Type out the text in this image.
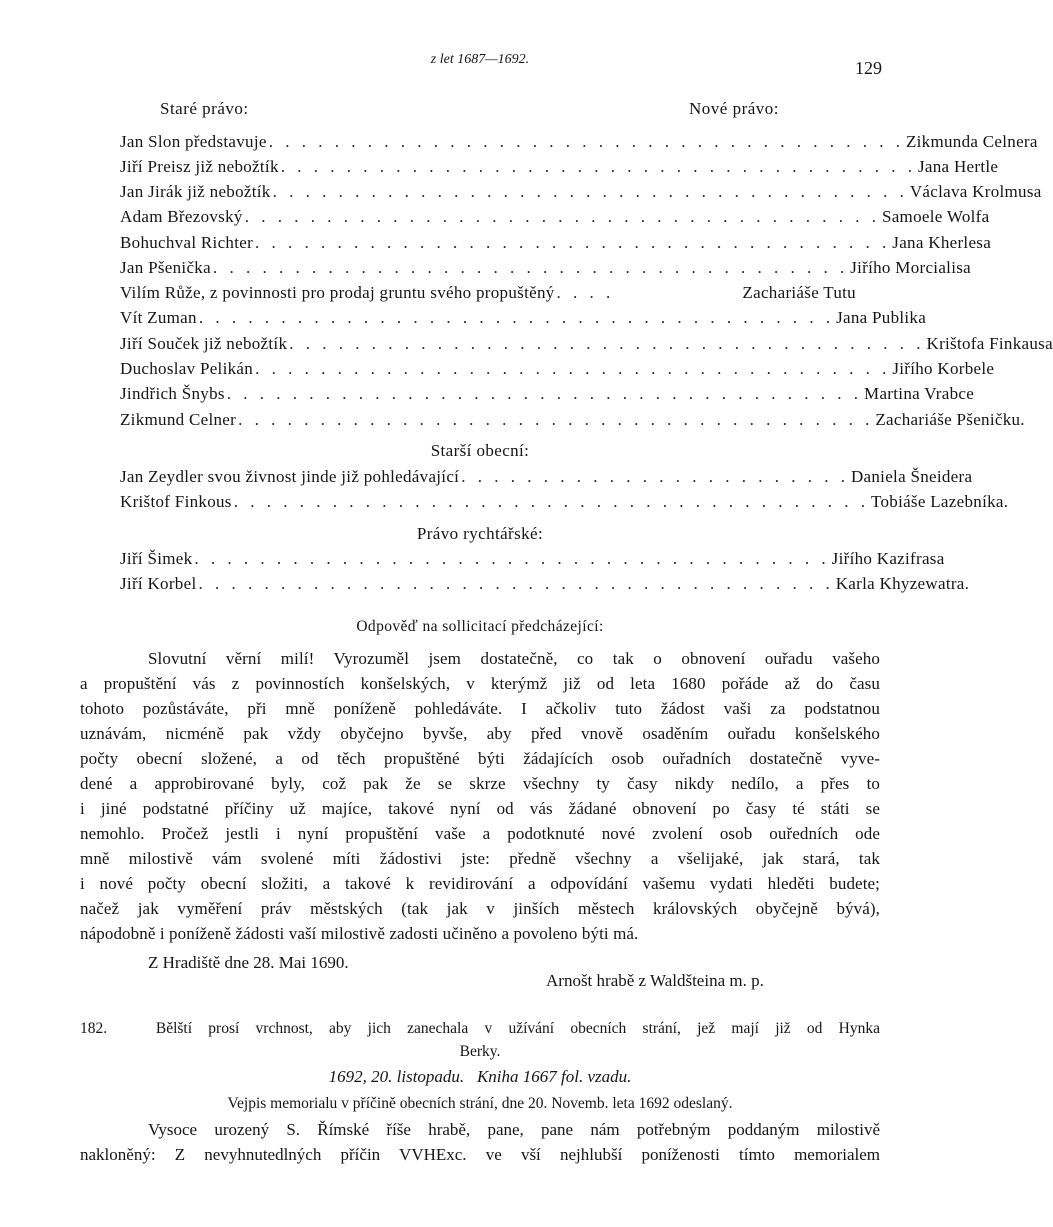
z let 1687—1692.	129
Staré právo:	Nové právo:
Jan Slon představuje . . . . . . . . . . . . . . . . . . . . . . . . . . . . . . . . . . . . . . . Zikmunda Celnera
Jiří Preisz již nebožtík . . . . . . . . . . . . . . . . . . . . . . . . . . . . . . . . . . . . . . . Jana Hertle
Jan Jirák již nebožtík . . . . . . . . . . . . . . . . . . . . . . . . . . . . . . . . . . . . . . . Václava Krolmusa
Adam Březovský . . . . . . . . . . . . . . . . . . . . . . . . . . . . . . . . . . . . . . . Samoele Wolfa
Bohuchval Richter . . . . . . . . . . . . . . . . . . . . . . . . . . . . . . . . . . . . . . . Jana Kherlesa
Jan Pšenička . . . . . . . . . . . . . . . . . . . . . . . . . . . . . . . . . . . . . . . Jiřího Morcialisa
Vilím Růže, z povinnosti pro prodaj gruntu svého propuštěný . . . .	Zachariáše Tutu
Vít Zuman . . . . . . . . . . . . . . . . . . . . . . . . . . . . . . . . . . . . . . . Jana Publika
Jiří Souček již nebožtík . . . . . . . . . . . . . . . . . . . . . . . . . . . . . . . . . . . . . . . Krištofa Finkausa
Duchoslav Pelikán . . . . . . . . . . . . . . . . . . . . . . . . . . . . . . . . . . . . . . . Jiřího Korbele
Jindřich Šnybs . . . . . . . . . . . . . . . . . . . . . . . . . . . . . . . . . . . . . . . Martina Vrabce
Zikmund Celner . . . . . . . . . . . . . . . . . . . . . . . . . . . . . . . . . . . . . . . Zachariáše Pšeničku.
Starší obecní:
Jan Zeydler svou živnost jinde již pohledávající . . . . . . . . . . . . . . . . . . . . . . . . Daniela Šneidera
Krištof Finkous . . . . . . . . . . . . . . . . . . . . . . . . . . . . . . . . . . . . . . . Tobiáše Lazebníka.
Právo rychtářské:
Jiří Šimek . . . . . . . . . . . . . . . . . . . . . . . . . . . . . . . . . . . . . . . Jiřího Kazifrasa
Jiří Korbel . . . . . . . . . . . . . . . . . . . . . . . . . . . . . . . . . . . . . . . Karla Khyzewatra.
Odpověď na sollicitací předcházející:
Slovutní věrní milí! Vyrozuměl jsem dostatečně, co tak o obnovení ouřadu vašeho
a propuštění vás z povinnostích konšelských, v kterýmž již od leta 1680 pořáde až do času
tohoto pozůstáváte, při mně poníženě pohledáváte. I ačkoliv tuto žádost vaši za podstatnou
uznávám, nicméně pak vždy obyčejno byvše, aby před vnově osaděním ouřadu konšelského
počty obecní složené, a od těch propuštěné býti žádajících osob ouřadních dostatečně vyve-
dené a approbirované byly, což pak že se skrze všechny ty časy nikdy nedílo, a přes to
i jiné podstatné příčiny už majíce, takové nyní od vás žádané obnovení po časy té státi se
nemohlo. Pročež jestli i nyní propuštění vaše a podotknuté nové zvolení osob ouředních ode
mně milostivě vám svolené míti žádostivi jste: předně všechny a všelijaké, jak stará, tak
i nové počty obecní složiti, a takové k revidirování a odpovídání vašemu vydati hleděti budete;
načež jak vyměření práv městských (tak jak v jinších městech královských obyčejně bývá),
nápodobně i poníženě žádosti vaší milostivě zadosti učiněno a povoleno býti má.
Z Hradiště dne 28. Mai 1690.
Arnošt hrabě z Waldšteina m. p.
182.	Bělští prosí vrchnost, aby jich zanechala v užívání obecních strání, jež mají již od Hynka
Berky.
1692, 20. listopadu. Kniha 1667 fol. vzadu.
Vejpis memorialu v příčině obecních strání, dne 20. Novemb. leta 1692 odeslaný.
Vysoce urozený S. Římské říše hrabě, pane, pane nám potřebným poddaným milostivě
nakloněný: Z nevyhnutedlných příčin VVHExc. ve vší nejhlubší poníženosti tímto memorialem
